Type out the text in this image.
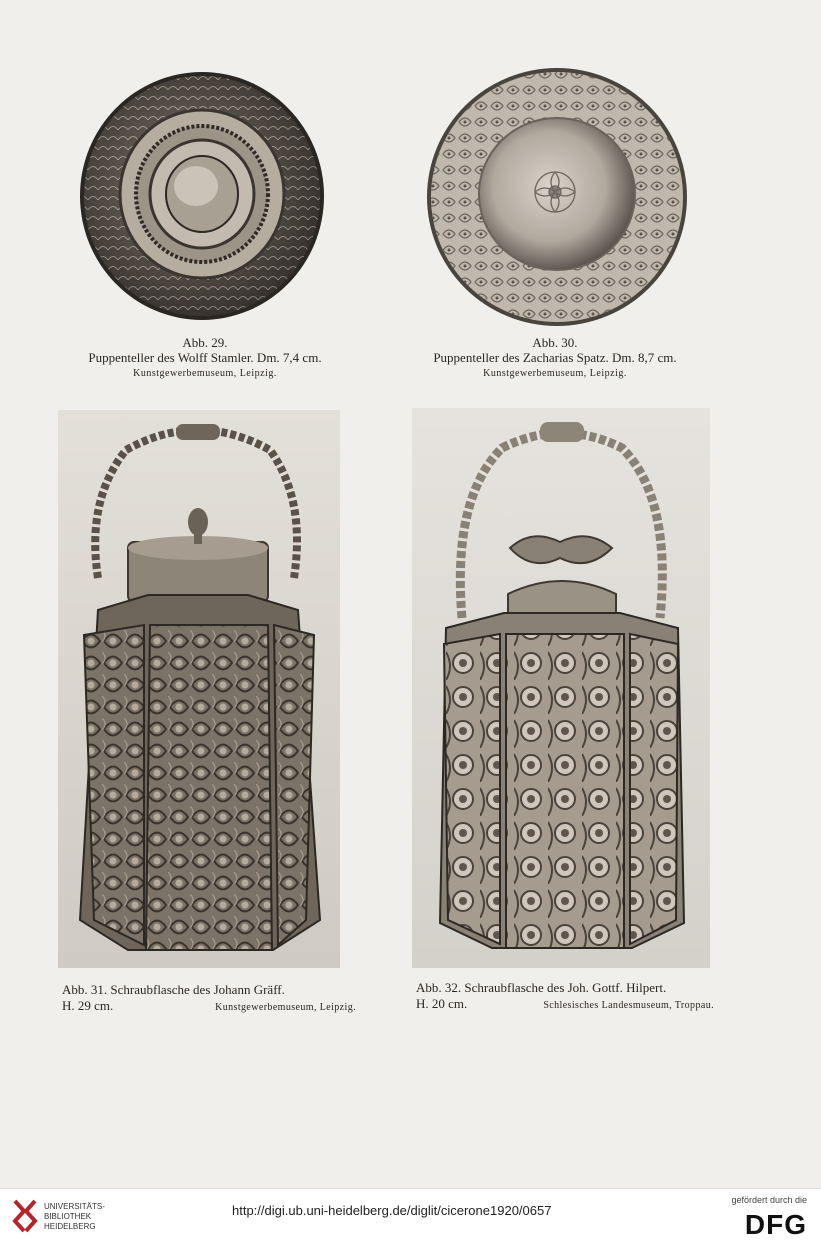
Abb. 29.
Puppenteller des Wolff Stamler. Dm. 7,4 cm.
Kunstgewerbemuseum, Leipzig.
Abb. 30.
Puppenteller des Zacharias Spatz. Dm. 8,7 cm.
Kunstgewerbemuseum, Leipzig.
Abb. 31. Schraubflasche des Johann Gräff.
H. 29 cm.	Kunstgewerbemuseum, Leipzig.
Abb. 32. Schraubflasche des Joh. Gottf. Hilpert.
H. 20 cm.	Schlesisches Landesmuseum, Troppau.
UNIVERSITÄTS-
BIBLIOTHEK
HEIDELBERG
http://digi.ub.uni-heidelberg.de/diglit/cicerone1920/0657
gefördert durch die
DFG
